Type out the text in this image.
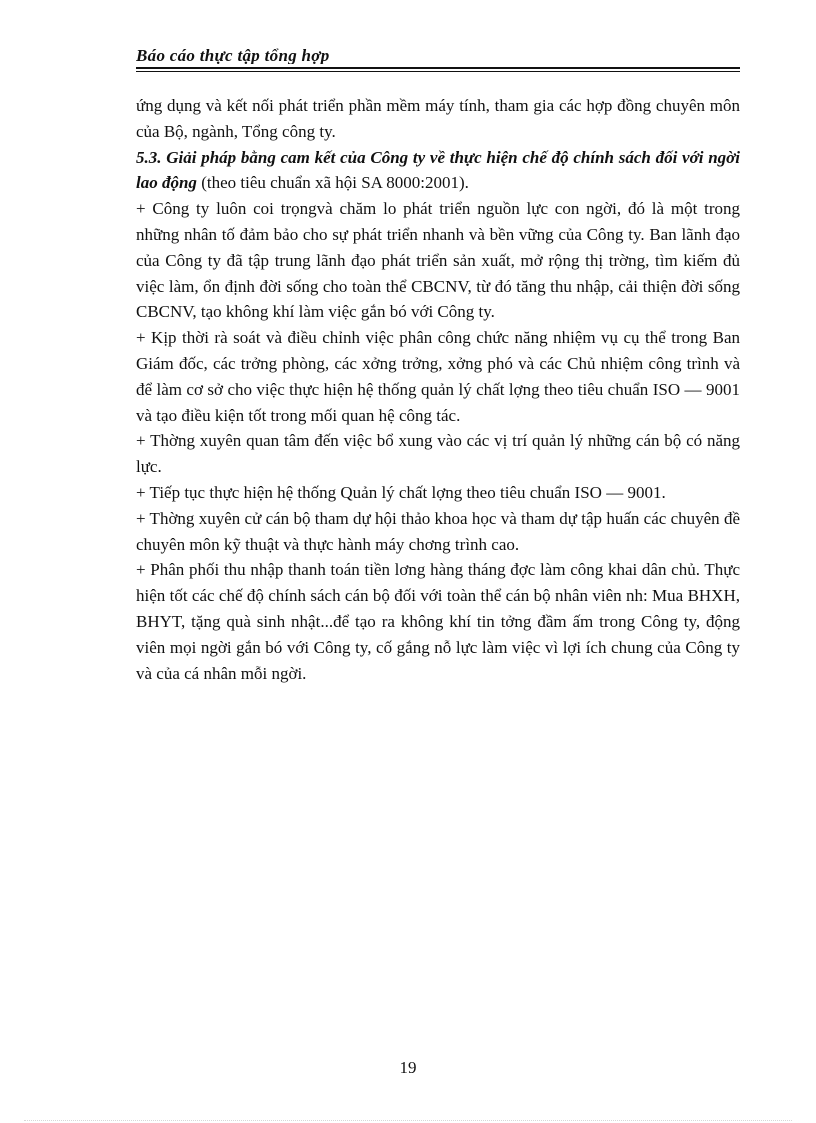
Báo cáo thực tập tổng hợp

ứng dụng và kết nối phát triển phần mềm máy tính, tham gia các hợp đồng chuyên môn của Bộ, ngành, Tổng công ty.

5.3. Giải pháp bằng cam kết của Công ty về thực hiện chế độ chính sách đối với ngời lao động (theo tiêu chuẩn xã hội SA 8000:2001).

+ Công ty luôn coi trọngvà chăm lo phát triển nguồn lực con ngời, đó là một trong những nhân tố đảm bảo cho sự phát triển nhanh và bền vững của Công ty. Ban lãnh đạo của Công ty đã tập trung lãnh đạo phát triển sản xuất, mở rộng thị trờng, tìm kiếm đủ việc làm, ổn định đời sống cho toàn thể CBCNV, từ đó tăng thu nhập, cải thiện đời sống CBCNV, tạo không khí làm việc gắn bó với Công ty.

+ Kịp thời rà soát và điều chỉnh việc phân công chức năng nhiệm vụ cụ thể trong Ban Giám đốc, các trởng phòng, các xởng trởng, xởng phó và các Chủ nhiệm công trình và để làm cơ sở cho việc thực hiện hệ thống quản lý chất lợng theo tiêu chuẩn ISO — 9001 và tạo điều kiện tốt trong mối quan hệ công tác.

+ Thờng xuyên quan tâm đến việc bổ xung vào các vị trí quản lý những cán bộ có năng lực.

+ Tiếp tục thực hiện hệ thống Quản lý chất lợng theo tiêu chuẩn ISO — 9001.

+ Thờng xuyên cử cán bộ tham dự hội thảo khoa học và tham dự tập huấn các chuyên đề chuyên môn kỹ thuật và thực hành máy chơng trình cao.

+ Phân phối thu nhập thanh toán tiền lơng hàng tháng đợc làm công khai dân chủ. Thực hiện tốt các chế độ chính sách cán bộ đối với toàn thể cán bộ nhân viên nh: Mua BHXH, BHYT, tặng quà sinh nhật...để tạo ra không khí tin tởng đầm ấm trong Công ty, động viên mọi ngời gắn bó với Công ty, cố gắng nỗ lực làm việc vì lợi ích chung của Công ty và của cá nhân mỗi ngời.

19
